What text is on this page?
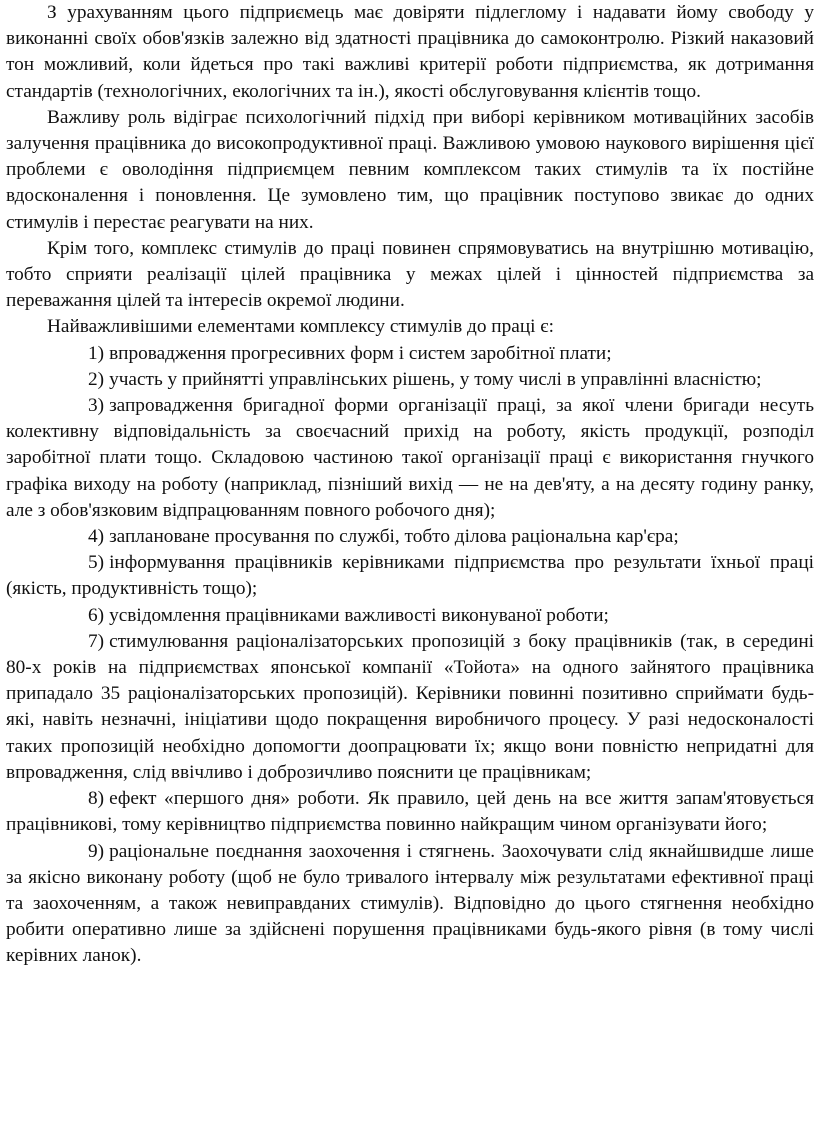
З урахуванням цього підприємець має довіряти підлеглому і надавати йому свободу у виконанні своїх обов'язків залежно від здатності працівника до самоконтролю. Різкий наказовий тон можливий, коли йдеться про такі важливі критерії роботи підприємства, як дотримання стандартів (технологічних, екологічних та ін.), якості обслуговування клієнтів тощо.

Важливу роль відіграє психологічний підхід при виборі керівником мотиваційних засобів залучення працівника до високопродуктивної праці. Важливою умовою наукового вирішення цієї проблеми є оволодіння підприємцем певним комплексом таких стимулів та їх постійне вдосконалення і поновлення. Це зумовлено тим, що працівник поступово звикає до одних стимулів і перестає реагувати на них.

Крім того, комплекс стимулів до праці повинен спрямовуватись на внутрішню мотивацію, тобто сприяти реалізації цілей працівника у межах цілей і цінностей підприємства за переважання цілей та інтересів окремої людини.

Найважливішими елементами комплексу стимулів до праці є:

1) впровадження прогресивних форм і систем заробітної плати;

2) участь у прийнятті управлінських рішень, у тому числі в управлінні власністю;

3) запровадження бригадної форми організації праці, за якої члени бригади несуть колективну відповідальність за своєчасний прихід на роботу, якість продукції, розподіл заробітної плати тощо. Складовою частиною такої організації праці є використання гнучкого графіка виходу на роботу (наприклад, пізніший вихід — не на дев'яту, а на десяту годину ранку, але з обов'язковим відпрацюванням повного робочого дня);

4) заплановане просування по службі, тобто ділова раціональна кар'єра;

5) інформування працівників керівниками підприємства про результати їхньої праці (якість, продуктивність тощо);

6) усвідомлення працівниками важливості виконуваної роботи;

7) стимулювання раціоналізаторських пропозицій з боку працівників (так, в середині 80-х років на підприємствах японської компанії «Тойота» на одного зайнятого працівника припадало 35 раціоналізаторських пропозицій). Керівники повинні позитивно сприймати будь-які, навіть незначні, ініціативи щодо покращення виробничого процесу. У разі недосконалості таких пропозицій необхідно допомогти доопрацювати їх; якщо вони повністю непридатні для впровадження, слід ввічливо і доброзичливо пояснити це працівникам;

8) ефект «першого дня» роботи. Як правило, цей день на все життя запам'ятовується працівникові, тому керівництво підприємства повинно найкращим чином організувати його;

9) раціональне поєднання заохочення і стягнень. Заохочувати слід якнайшвидше лише за якісно виконану роботу (щоб не було тривалого інтервалу між результатами ефективної праці та заохоченням, а також невиправданих стимулів). Відповідно до цього стягнення необхідно робити оперативно лише за здійснені порушення працівниками будь-якого рівня (в тому числі керівних ланок).
